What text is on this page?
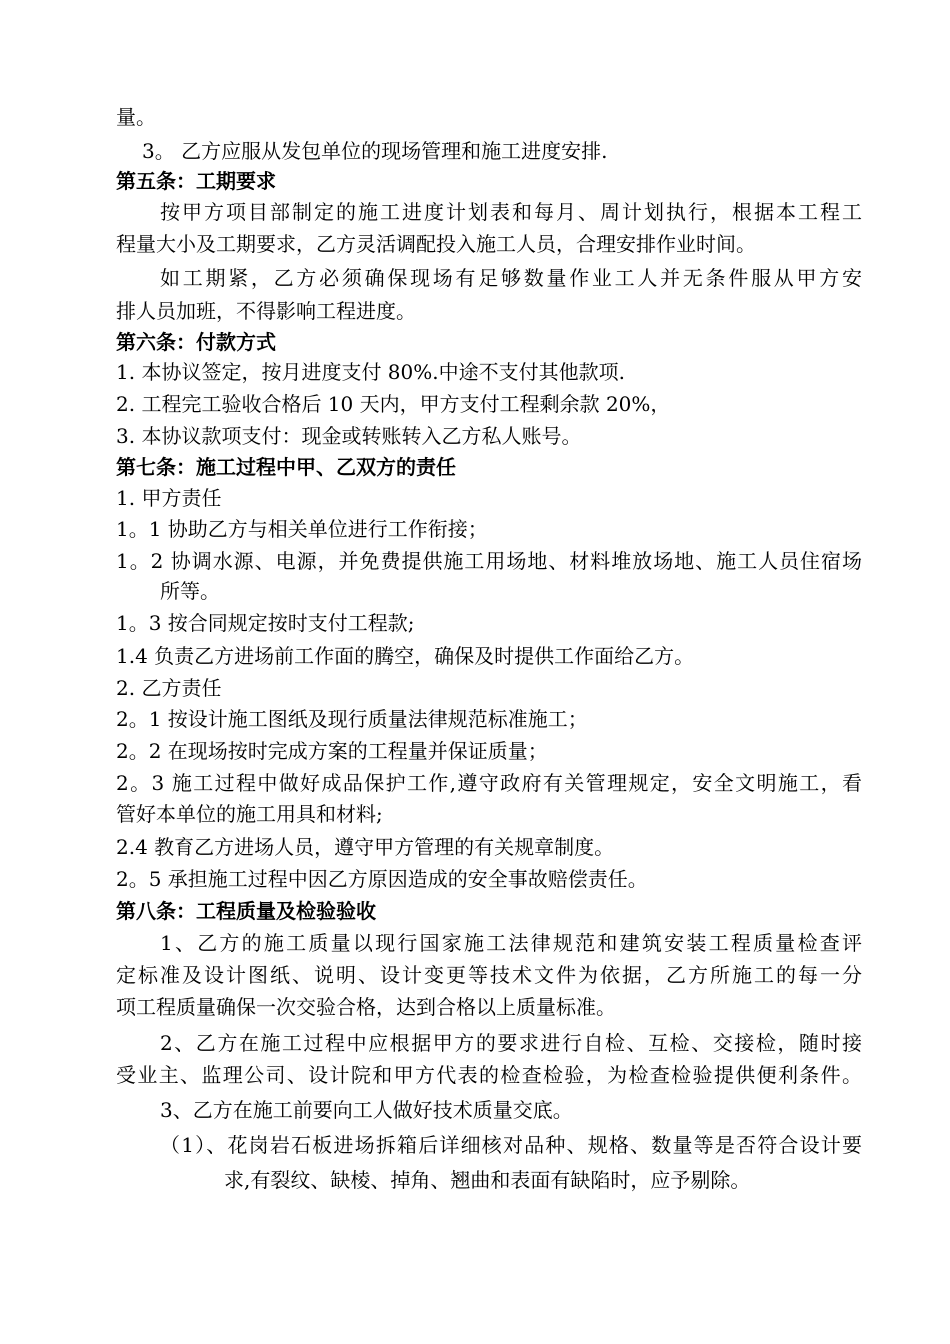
量。
3。 乙方应服从发包单位的现场管理和施工进度安排.
第五条：工期要求
按甲方项目部制定的施工进度计划表和每月、周计划执行，根据本工程工
程量大小及工期要求，乙方灵活调配投入施工人员，合理安排作业时间。
如工期紧，乙方必须确保现场有足够数量作业工人并无条件服从甲方安
排人员加班，不得影响工程进度。
第六条：付款方式
1. 本协议签定，按月进度支付 80%.中途不支付其他款项.
2. 工程完工验收合格后 10 天内，甲方支付工程剩余款 20%，
3. 本协议款项支付：现金或转账转入乙方私人账号。
第七条：施工过程中甲、乙双方的责任
1. 甲方责任
1。1 协助乙方与相关单位进行工作衔接；
1。2 协调水源、电源，并免费提供施工用场地、材料堆放场地、施工人员住宿场
所等。
1。3 按合同规定按时支付工程款;
1.4 负责乙方进场前工作面的腾空，确保及时提供工作面给乙方。
2. 乙方责任
2。1 按设计施工图纸及现行质量法律规范标准施工；
2。2 在现场按时完成方案的工程量并保证质量；
2。3 施工过程中做好成品保护工作,遵守政府有关管理规定，安全文明施工，看
管好本单位的施工用具和材料;
2.4 教育乙方进场人员，遵守甲方管理的有关规章制度。
2。5 承担施工过程中因乙方原因造成的安全事故赔偿责任。
第八条：工程质量及检验验收
1、乙方的施工质量以现行国家施工法律规范和建筑安装工程质量检查评
定标准及设计图纸、说明、设计变更等技术文件为依据，乙方所施工的每一分
项工程质量确保一次交验合格，达到合格以上质量标准。
2、乙方在施工过程中应根据甲方的要求进行自检、互检、交接检，随时接
受业主、监理公司、设计院和甲方代表的检查检验，为检查检验提供便利条件。
3、乙方在施工前要向工人做好技术质量交底。
（1）、花岗岩石板进场拆箱后详细核对品种、规格、数量等是否符合设计要
求,有裂纹、缺棱、掉角、翘曲和表面有缺陷时，应予剔除。
